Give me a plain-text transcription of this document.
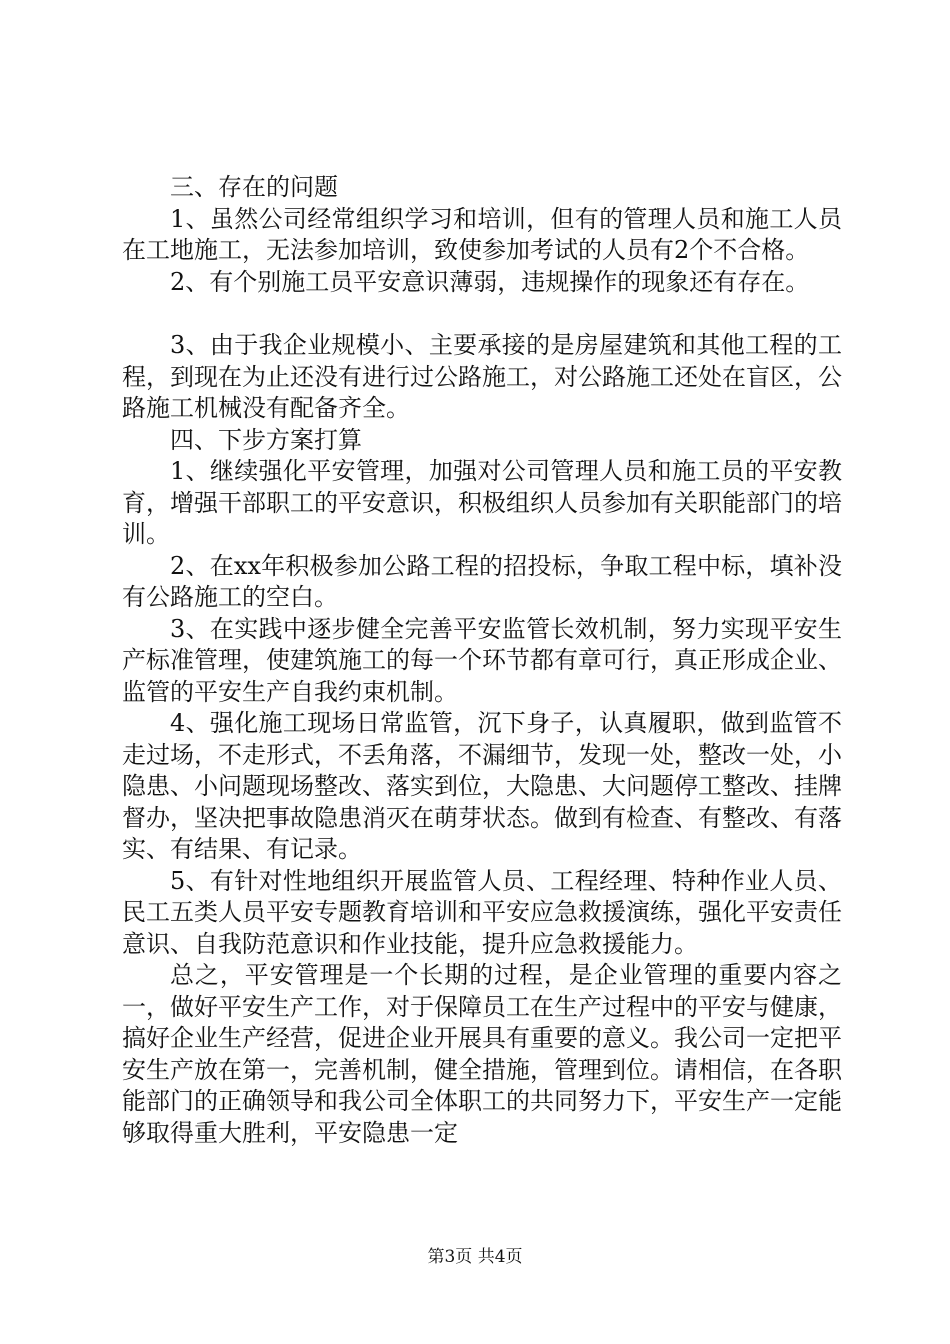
三、存在的问题

1、虽然公司经常组织学习和培训，但有的管理人员和施工人员在工地施工，无法参加培训，致使参加考试的人员有2个不合格。

2、有个别施工员平安意识薄弱，违规操作的现象还有存在。

3、由于我企业规模小、主要承接的是房屋建筑和其他工程的工程，到现在为止还没有进行过公路施工，对公路施工还处在盲区，公路施工机械没有配备齐全。

四、下步方案打算

1、继续强化平安管理，加强对公司管理人员和施工员的平安教育，增强干部职工的平安意识，积极组织人员参加有关职能部门的培训。

2、在xx年积极参加公路工程的招投标，争取工程中标，填补没有公路施工的空白。

3、在实践中逐步健全完善平安监管长效机制，努力实现平安生产标准管理，使建筑施工的每一个环节都有章可行，真正形成企业、监管的平安生产自我约束机制。

4、强化施工现场日常监管，沉下身子，认真履职，做到监管不走过场，不走形式，不丢角落，不漏细节，发现一处，整改一处，小隐患、小问题现场整改、落实到位，大隐患、大问题停工整改、挂牌督办，坚决把事故隐患消灭在萌芽状态。做到有检查、有整改、有落实、有结果、有记录。

5、有针对性地组织开展监管人员、工程经理、特种作业人员、民工五类人员平安专题教育培训和平安应急救援演练，强化平安责任意识、自我防范意识和作业技能，提升应急救援能力。

总之，平安管理是一个长期的过程，是企业管理的重要内容之一，做好平安生产工作，对于保障员工在生产过程中的平安与健康，搞好企业生产经营，促进企业开展具有重要的意义。我公司一定把平安生产放在第一，完善机制，健全措施，管理到位。请相信，在各职能部门的正确领导和我公司全体职工的共同努力下，平安生产一定能够取得重大胜利，平安隐患一定

第3页 共4页
